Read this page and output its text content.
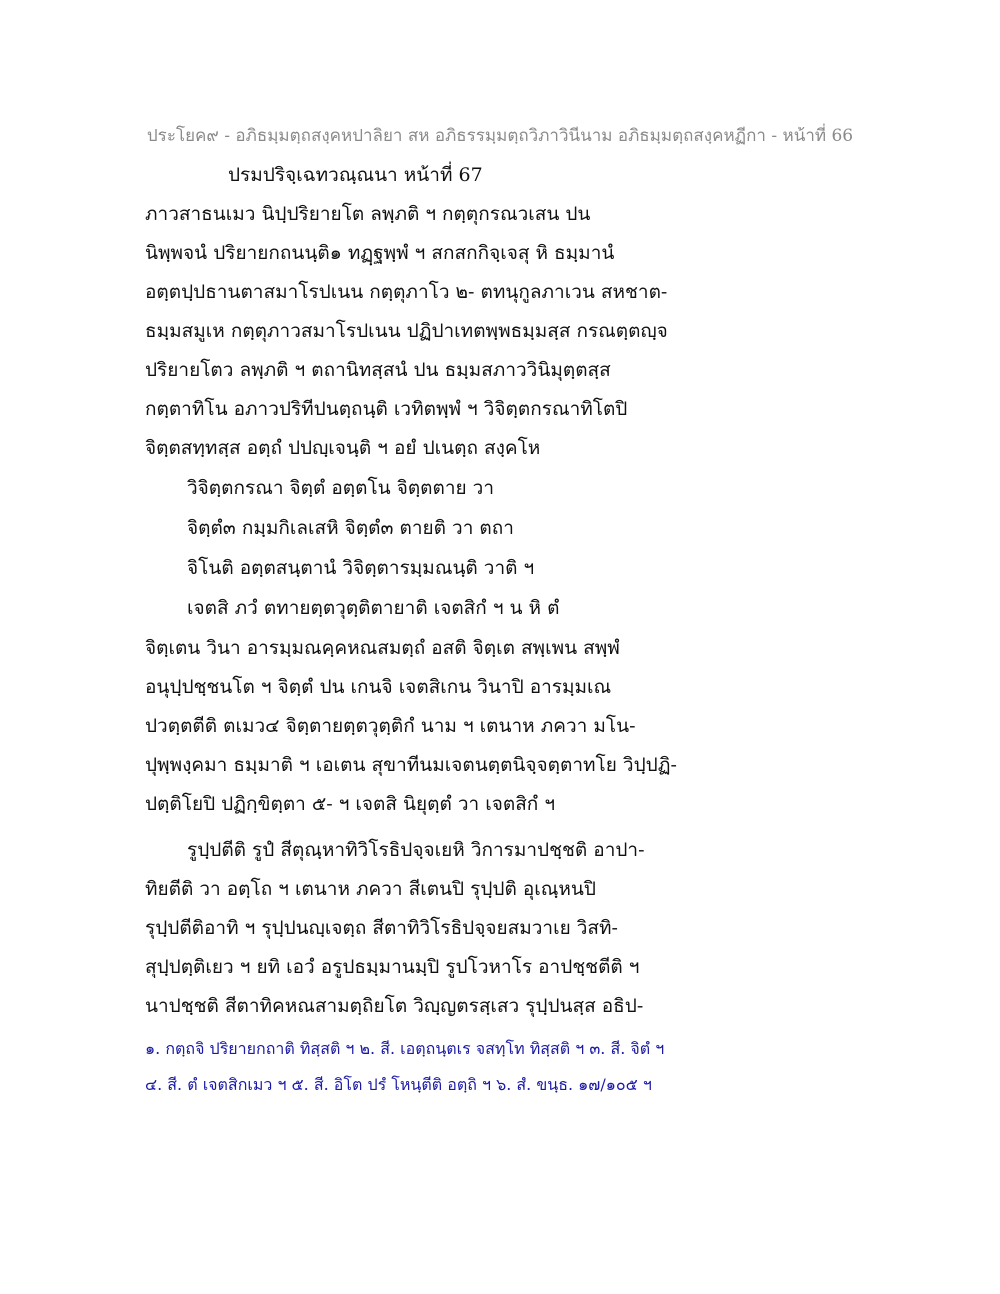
ประโยค๙ - อภิธมฺมตฺถสงฺคหปาลิยา สห อภิธรรมฺมตฺถวิภาวินีนาม อภิธมฺมตฺถสงฺคหฏีกา - หน้าที่ 66
ปรมปริจฺเฉทวณฺณนา หน้าที่ 67
ภาวสาธนเมว นิปฺปริยายโต ลพฺภติ ฯ กตฺตุกรณวเสน ปน
นิพฺพจนํ ปริยายกถนนฺติ๑ ทฏฺฐพฺพํ ฯ สกสกกิจฺเจสุ หิ ธมฺมานํ
อตฺตปฺปธานตาสมาโรปเนน กตฺตุภาโว ๒- ตทนุกูลภาเวน สหชาต-
ธมฺมสมูเห กตฺตุภาวสมาโรปเนน ปฏิปาเทตพฺพธมฺมสฺส กรณตฺตญฺจ
ปริยายโตว ลพฺภติ ฯ ตถานิทสฺสนํ ปน ธมฺมสภาววินิมุตฺตสฺส
กตฺตาทิโน อภาวปริทีปนตฺถนฺติ เวทิตพฺพํ ฯ วิจิตฺตกรณาทิโตปิ
จิตฺตสทฺทสฺส อตฺถํ ปปญฺเจนฺติ ฯ อยํ ปเนตฺถ สงฺคโห
วิจิตฺตกรณา จิตฺตํ อตฺตโน จิตฺตตาย วา
จิตฺตํ๓ กมฺมกิเลเสหิ จิตฺตํ๓ ตายติ วา ตถา
จิโนติ อตฺตสนฺตานํ วิจิตฺตารมฺมณนฺติ วาติ ฯ
เจตสิ ภวํ ตทายตฺตวุตฺติตายาติ เจตสิกํ ฯ น หิ ตํ
จิตฺเตน วินา อารมฺมณคฺคหณสมตฺถํ อสติ จิตฺเต สพฺเพน สพฺพํ
อนุปฺปชฺชนโต ฯ จิตฺตํ ปน เกนจิ เจตสิเกน วินาปิ อารมฺมเณ
ปวตฺตตีติ ตเมว๔ จิตฺตายตฺตวุตฺติกํ นาม ฯ เตนาห ภควา มโน-
ปุพฺพงฺคมา ธมฺมาติ ฯ เอเตน สุขาทีนมเจตนตฺตนิจฺจตฺตาทโย วิปฺปฏิ-
ปตฺติโยปิ ปฏิกฺขิตฺตา ๕- ฯ เจตสิ นิยุตฺตํ วา เจตสิกํ ฯ
รูปฺปตีติ รูปํ สีตุณฺหาทิวิโรธิปจฺจเยหิ วิการมาปชฺชติ อาปา-
ทิยตีติ วา อตฺโถ ฯ เตนาห ภควา สีเตนปิ รุปฺปติ อุเณฺหนปิ
รุปฺปตีติอาทิ ฯ รุปฺปนญฺเจตฺถ สีตาทิวิโรธิปจฺจยสมวาเย วิสทิ-
สุปฺปตฺติเยว ฯ ยทิ เอวํ อรูปธมฺมานมฺปิ รูปโวหาโร อาปชฺชตีติ ฯ
นาปชฺชติ สีตาทิคหณสามตฺถิยโต วิญฺญตรสฺเสว รุปฺปนสฺส อธิป-
๑. กตฺถจิ ปริยายกถาติ ทิสฺสติ ฯ ๒. สี. เอตฺถนฺตเร จสทฺโท ทิสฺสติ ฯ ๓. สี. จิตํ ฯ
๔. สี. ตํ เจตสิกเมว ฯ ๕. สี. อิโต ปรํ โหนฺตีติ อตฺถิ ฯ ๖. สํ. ขนฺธ. ๑๗/๑๐๕ ฯ
